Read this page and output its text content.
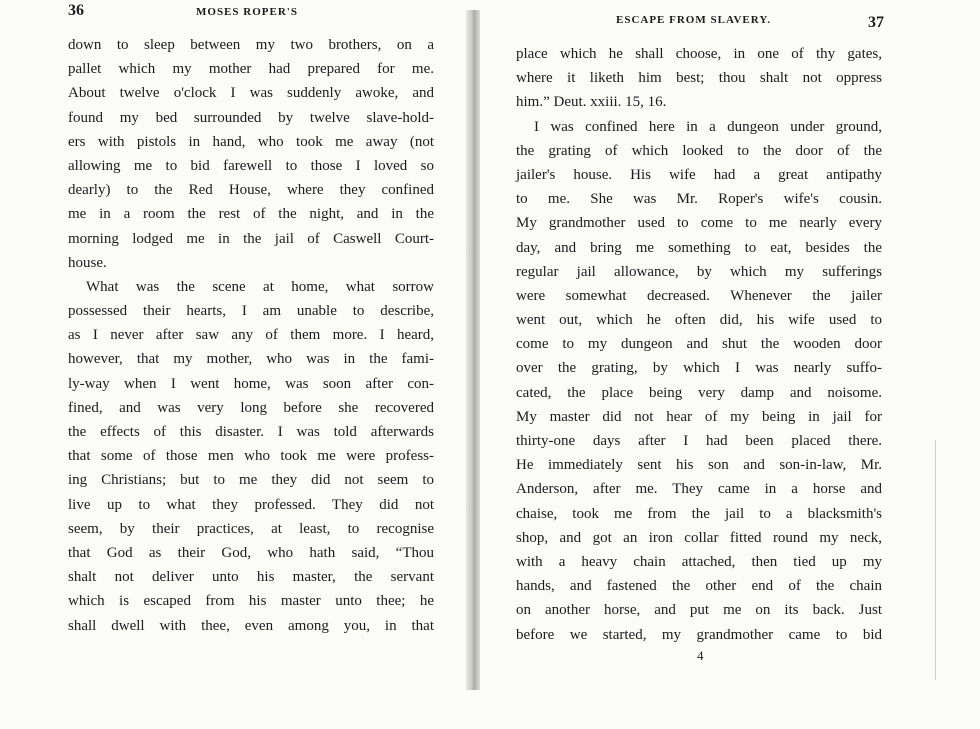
36	MOSES ROPER'S
down to sleep between my two brothers, on a
pallet which my mother had prepared for me.
About twelve o'clock I was suddenly awoke, and
found my bed surrounded by twelve slave-hold-
ers with pistols in hand, who took me away (not
allowing me to bid farewell to those I loved so
dearly) to the Red House, where they confined
me in a room the rest of the night, and in the
morning lodged me in the jail of Caswell Court-
house.
What was the scene at home, what sorrow
possessed their hearts, I am unable to describe,
as I never after saw any of them more. I heard,
however, that my mother, who was in the fami-
ly-way when I went home, was soon after con-
fined, and was very long before she recovered
the effects of this disaster. I was told afterwards
that some of those men who took me were profess-
ing Christians; but to me they did not seem to
live up to what they professed. They did not
seem, by their practices, at least, to recognise
that God as their God, who hath said, “Thou
shalt not deliver unto his master, the servant
which is escaped from his master unto thee; he
shall dwell with thee, even among you, in that
ESCAPE FROM SLAVERY.	37
place which he shall choose, in one of thy gates,
where it liketh him best; thou shalt not oppress
him.” Deut. xxiii. 15, 16.
I was confined here in a dungeon under ground,
the grating of which looked to the door of the
jailer's house. His wife had a great antipathy
to me. She was Mr. Roper's wife's cousin.
My grandmother used to come to me nearly every
day, and bring me something to eat, besides the
regular jail allowance, by which my sufferings
were somewhat decreased. Whenever the jailer
went out, which he often did, his wife used to
come to my dungeon and shut the wooden door
over the grating, by which I was nearly suffo-
cated, the place being very damp and noisome.
My master did not hear of my being in jail for
thirty-one days after I had been placed there.
He immediately sent his son and son-in-law, Mr.
Anderson, after me. They came in a horse and
chaise, took me from the jail to a blacksmith's
shop, and got an iron collar fitted round my neck,
with a heavy chain attached, then tied up my
hands, and fastened the other end of the chain
on another horse, and put me on its back. Just
before we started, my grandmother came to bid
4
